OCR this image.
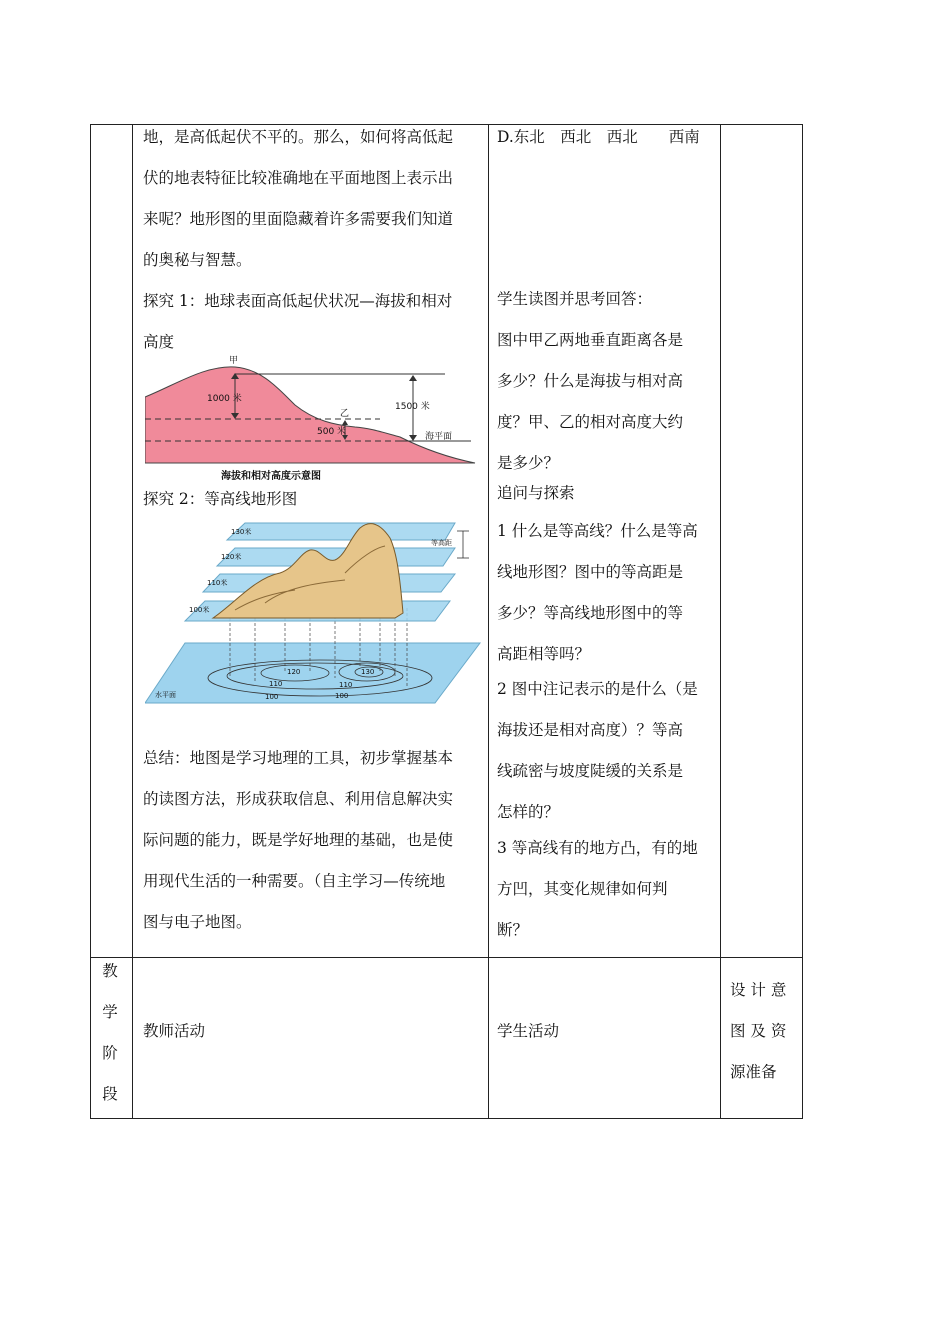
地，是高低起伏不平的。那么，如何将高低起

伏的地表特征比较准确地在平面地图上表示出

来呢？地形图的里面隐藏着许多需要我们知道

的奥秘与智慧。

探究 1：地球表面高低起伏状况—海拔和相对

高度

甲
乙
1000 米
500 米
1500 米
海平面
海拔和相对高度示意图

探究 2：等高线地形图

130米
120米
110米
100米
等高距
水平面
120
110
100
130
110
100

总结：地图是学习地理的工具，初步掌握基本

的读图方法，形成获取信息、利用信息解决实

际问题的能力，既是学好地理的基础，也是使

用现代生活的一种需要。（自主学习—传统地

图与电子地图。

D.东北　西北　西北　　西南

学生读图并思考回答：

图中甲乙两地垂直距离各是

多少？什么是海拔与相对高

度？甲、乙的相对高度大约

是多少？

追问与探索

1 什么是等高线？什么是等高

线地形图？图中的等高距是

多少？等高线地形图中的等

高距相等吗？

2 图中注记表示的是什么（是

海拔还是相对高度）？等高

线疏密与坡度陡缓的关系是

怎样的？

3 等高线有的地方凸，有的地

方凹，其变化规律如何判

断？

教

学

阶

段

教师活动	学生活动

设 计 意

图 及 资

源准备
